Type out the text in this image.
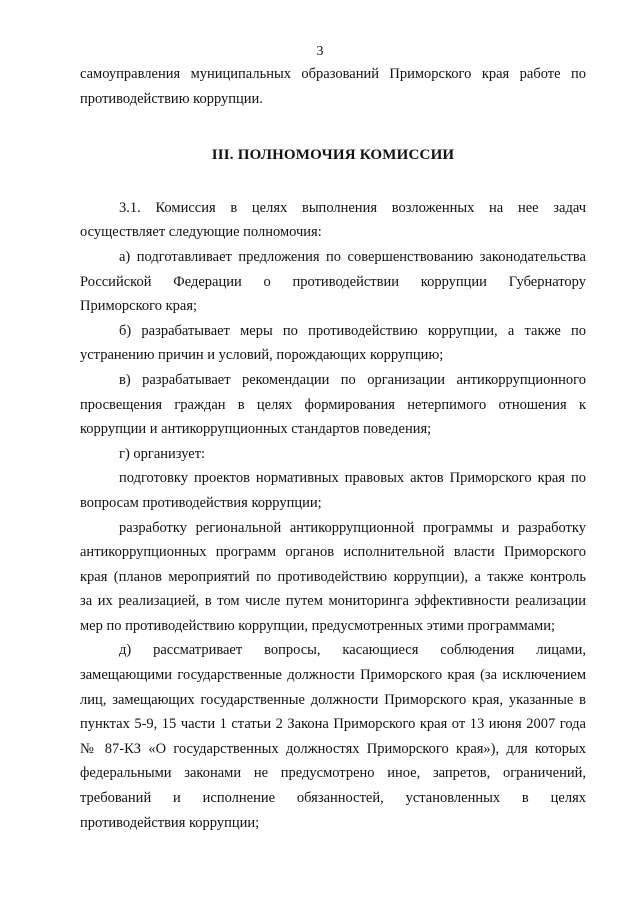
3

самоуправления муниципальных образований Приморского края работе по
противодействию коррупции.

III. ПОЛНОМОЧИЯ КОМИССИИ

3.1. Комиссия в целях выполнения возложенных на нее задач
осуществляет следующие полномочия:

а) подготавливает предложения по совершенствованию законодательства
Российской Федерации о противодействии коррупции Губернатору
Приморского края;

б) разрабатывает меры по противодействию коррупции, а также по
устранению причин и условий, порождающих коррупцию;

в) разрабатывает рекомендации по организации антикоррупционного
просвещения граждан в целях формирования нетерпимого отношения к
коррупции и антикоррупционных стандартов поведения;

г) организует:

подготовку проектов нормативных правовых актов Приморского края по
вопросам противодействия коррупции;

разработку региональной антикоррупционной программы и разработку
антикоррупционных программ органов исполнительной власти Приморского
края (планов мероприятий по противодействию коррупции), а также контроль
за их реализацией, в том числе путем мониторинга эффективности реализации
мер по противодействию коррупции, предусмотренных этими программами;

д) рассматривает вопросы, касающиеся соблюдения лицами,
замещающими государственные должности Приморского края (за исключением
лиц, замещающих государственные должности Приморского края, указанные в
пунктах 5-9, 15 части 1 статьи 2 Закона Приморского края от 13 июня 2007 года
№ 87-КЗ «О государственных должностях Приморского края»), для которых
федеральными законами не предусмотрено иное, запретов, ограничений,
требований и исполнение обязанностей, установленных в целях
противодействия коррупции;
